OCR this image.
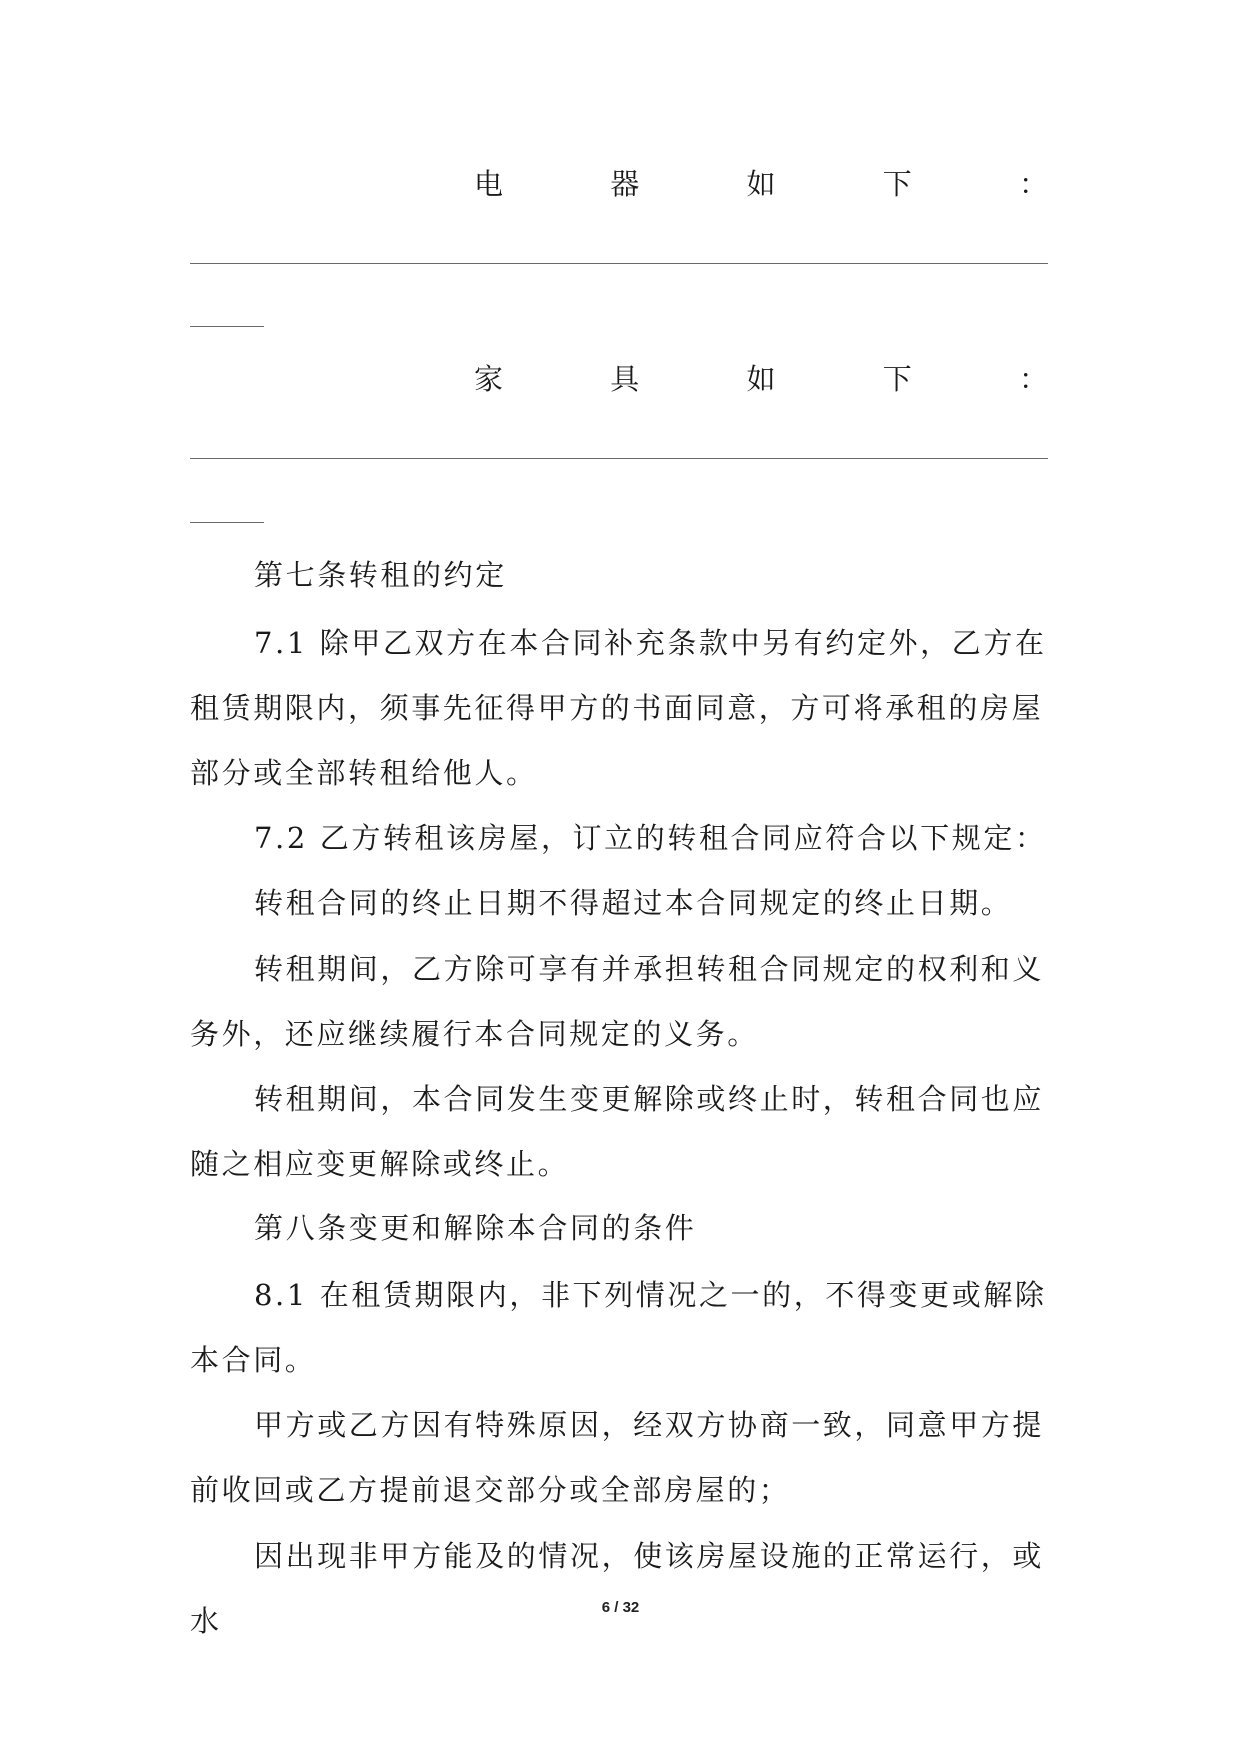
电	器	如	下	：
家	具	如	下	：

第七条转租的约定

7.1 除甲乙双方在本合同补充条款中另有约定外，乙方在租赁期限内，须事先征得甲方的书面同意，方可将承租的房屋部分或全部转租给他人。

7.2 乙方转租该房屋，订立的转租合同应符合以下规定：

转租合同的终止日期不得超过本合同规定的终止日期。

转租期间，乙方除可享有并承担转租合同规定的权利和义务外，还应继续履行本合同规定的义务。

转租期间，本合同发生变更解除或终止时，转租合同也应随之相应变更解除或终止。

第八条变更和解除本合同的条件

8.1 在租赁期限内，非下列情况之一的，不得变更或解除本合同。

甲方或乙方因有特殊原因，经双方协商一致，同意甲方提前收回或乙方提前退交部分或全部房屋的；

因出现非甲方能及的情况，使该房屋设施的正常运行，或水	6 / 32
